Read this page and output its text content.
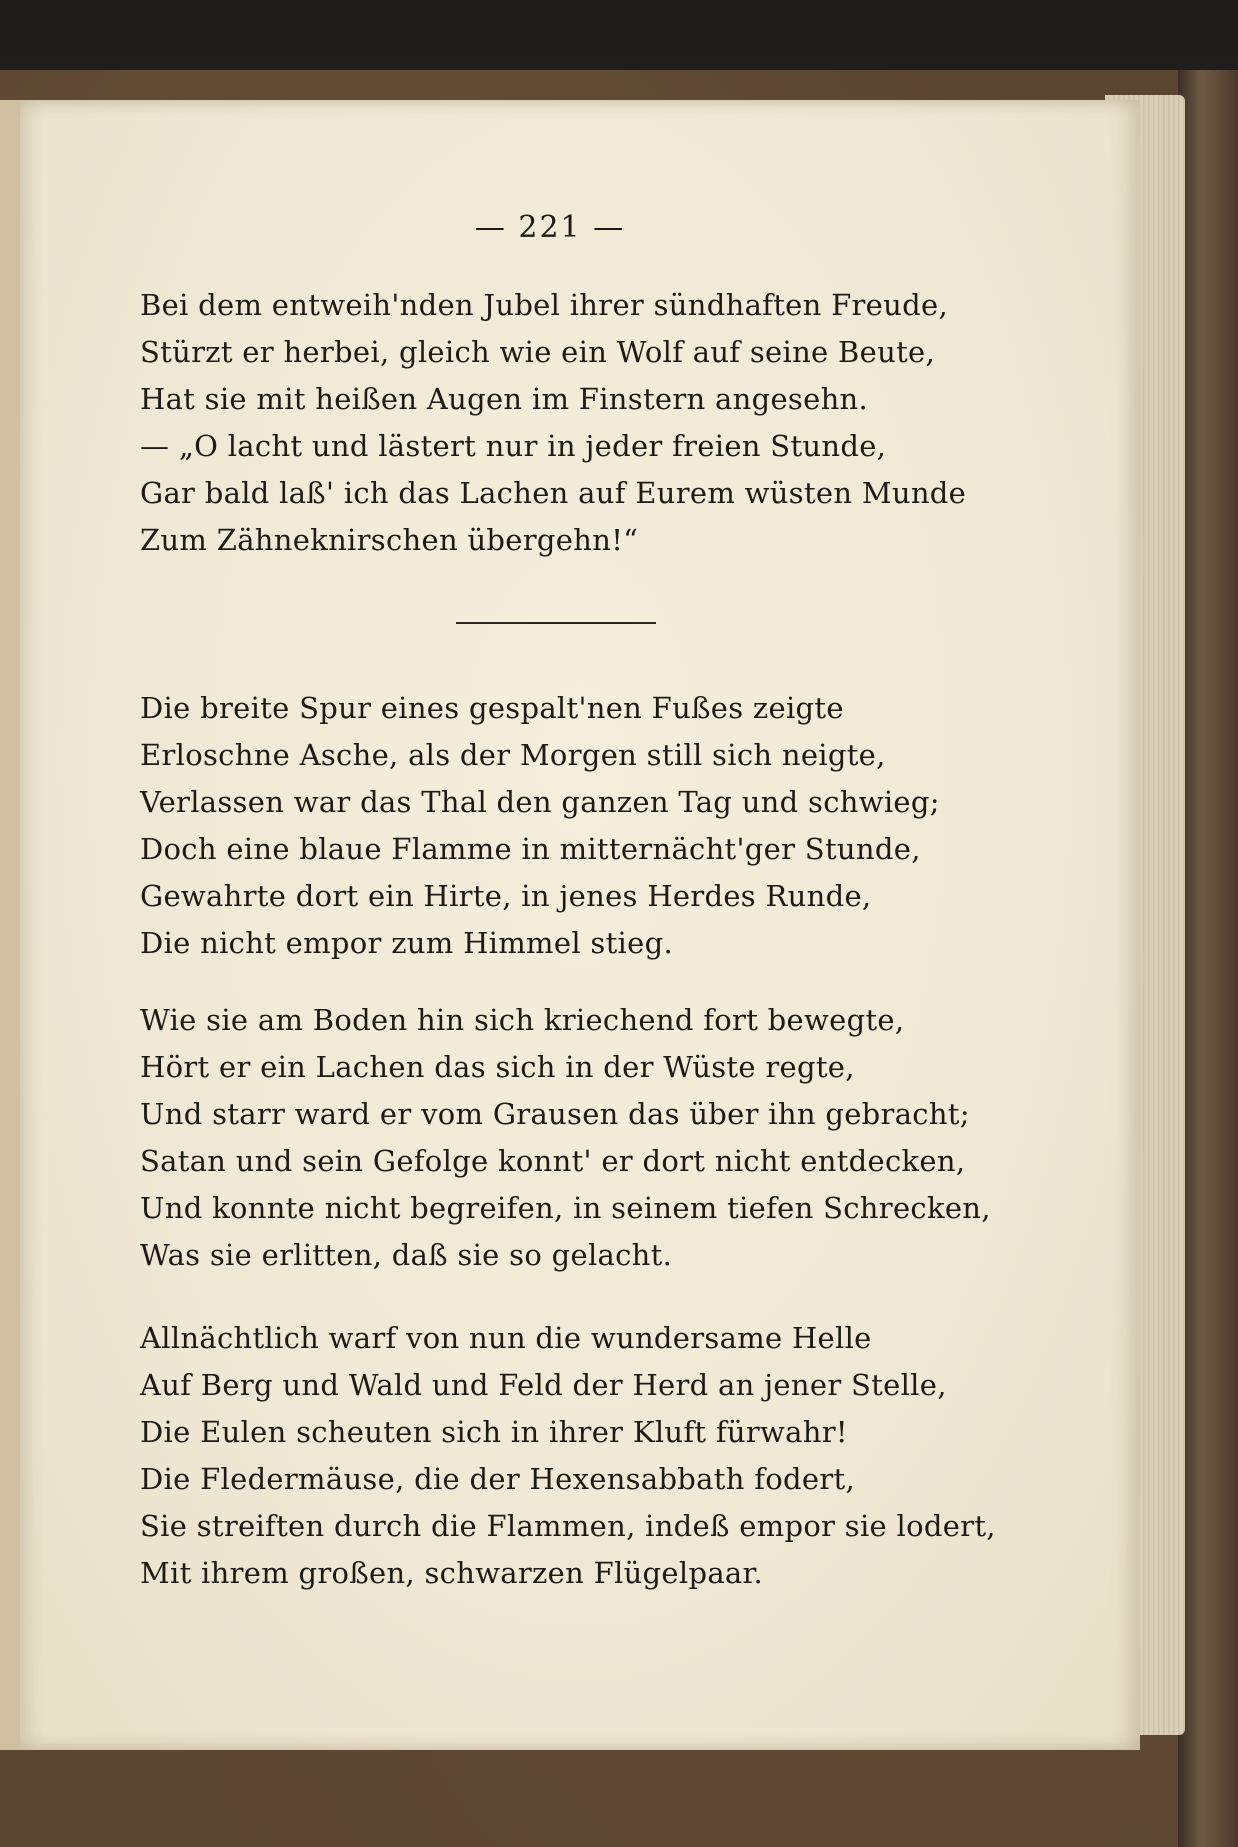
— 221 —
Bei dem entweih'nden Jubel ihrer sündhaften Freude,
Stürzt er herbei, gleich wie ein Wolf auf seine Beute,
Hat sie mit heißen Augen im Finstern angesehn.
— „O lacht und lästert nur in jeder freien Stunde,
Gar bald laß' ich das Lachen auf Eurem wüsten Munde
Zum Zähneknirschen übergehn!“
Die breite Spur eines gespalt'nen Fußes zeigte
Erloschne Asche, als der Morgen still sich neigte,
Verlassen war das Thal den ganzen Tag und schwieg;
Doch eine blaue Flamme in mitternächt'ger Stunde,
Gewahrte dort ein Hirte, in jenes Herdes Runde,
Die nicht empor zum Himmel stieg.
Wie sie am Boden hin sich kriechend fort bewegte,
Hört er ein Lachen das sich in der Wüste regte,
Und starr ward er vom Grausen das über ihn gebracht;
Satan und sein Gefolge konnt' er dort nicht entdecken,
Und konnte nicht begreifen, in seinem tiefen Schrecken,
Was sie erlitten, daß sie so gelacht.
Allnächtlich warf von nun die wundersame Helle
Auf Berg und Wald und Feld der Herd an jener Stelle,
Die Eulen scheuten sich in ihrer Kluft fürwahr!
Die Fledermäuse, die der Hexensabbath fodert,
Sie streiften durch die Flammen, indeß empor sie lodert,
Mit ihrem großen, schwarzen Flügelpaar.
